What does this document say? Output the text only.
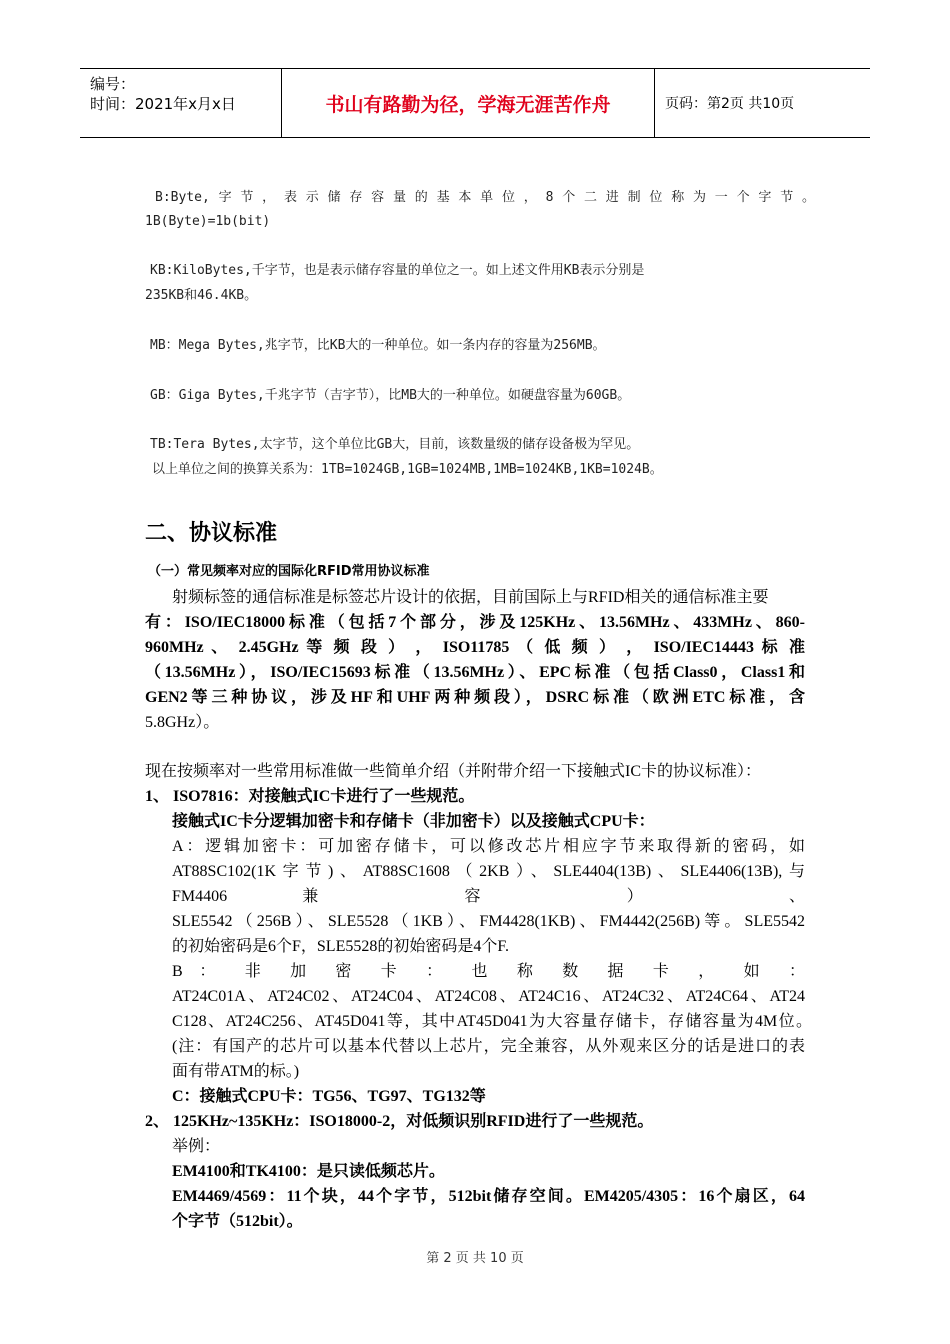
编号：
时间：2021年x月x日	书山有路勤为径，学海无涯苦作舟	页码：第2页 共10页
B:Byte,字节，表示储存容量的基本单位，8个二进制位称为一个字节。
1B(Byte)=1b(bit)
KB:KiloBytes,千字节，也是表示储存容量的单位之一。如上述文件用KB表示分别是
235KB和46.4KB。
MB：Mega Bytes,兆字节，比KB大的一种单位。如一条内存的容量为256MB。
GB：Giga Bytes,千兆字节（吉字节），比MB大的一种单位。如硬盘容量为60GB。
TB:Tera Bytes,太字节，这个单位比GB大，目前，该数量级的储存设备极为罕见。
以上单位之间的换算关系为：1TB=1024GB,1GB=1024MB,1MB=1024KB,1KB=1024B。
二、协议标准
（一）常见频率对应的国际化RFID常用协议标准
射频标签的通信标准是标签芯片设计的依据，目前国际上与RFID相关的通信标准主要
有：ISO/IEC18000标准（包括7个部分，涉及125KHz、13.56MHz、433MHz、860-
960MHz 、 2.45GHz 等 频 段 ） ， ISO11785 （ 低 频 ） ， ISO/IEC14443 标 准
（13.56MHz），ISO/IEC15693标准（13.56MHz）、EPC标准（包括Class0，Class1和
GEN2等三种协议，涉及HF和UHF两种频段），DSRC标准（欧洲ETC标准，含
5.8GHz）。
现在按频率对一些常用标准做一些简单介绍（并附带介绍一下接触式IC卡的协议标准）：
1、 ISO7816：对接触式IC卡进行了一些规范。
接触式IC卡分逻辑加密卡和存储卡（非加密卡）以及接触式CPU卡：
A：逻辑加密卡：可加密存储卡，可以修改芯片相应字节来取得新的密码，如
AT88SC102(1K字节)、AT88SC1608（2KB）、SLE4404(13B)、SLE4406(13B),与
FM4406 兼 容 ） 、
SLE5542（256B）、SLE5528（1KB）、FM4428(1KB)、FM4442(256B)等。SLE5542
的初始密码是6个F，SLE5528的初始密码是4个F.
B ： 非 加 密 卡 ： 也 称 数 据 卡 ， 如 ：
AT24C01A、AT24C02、AT24C04、AT24C08、AT24C16、AT24C32、AT24C64、AT24
C128、AT24C256、AT45D041等，其中AT45D041为大容量存储卡，存储容量为4M位。
(注：有国产的芯片可以基本代替以上芯片，完全兼容，从外观来区分的话是进口的表
面有带ATM的标。)
C：接触式CPU卡：TG56、TG97、TG132等
2、 125KHz~135KHz：ISO18000-2，对低频识别RFID进行了一些规范。
举例：
EM4100和TK4100：是只读低频芯片。
EM4469/4569：11个块，44个字节，512bit储存空间。EM4205/4305：16个扇区，64
个字节（512bit）。
第 2 页 共 10 页
